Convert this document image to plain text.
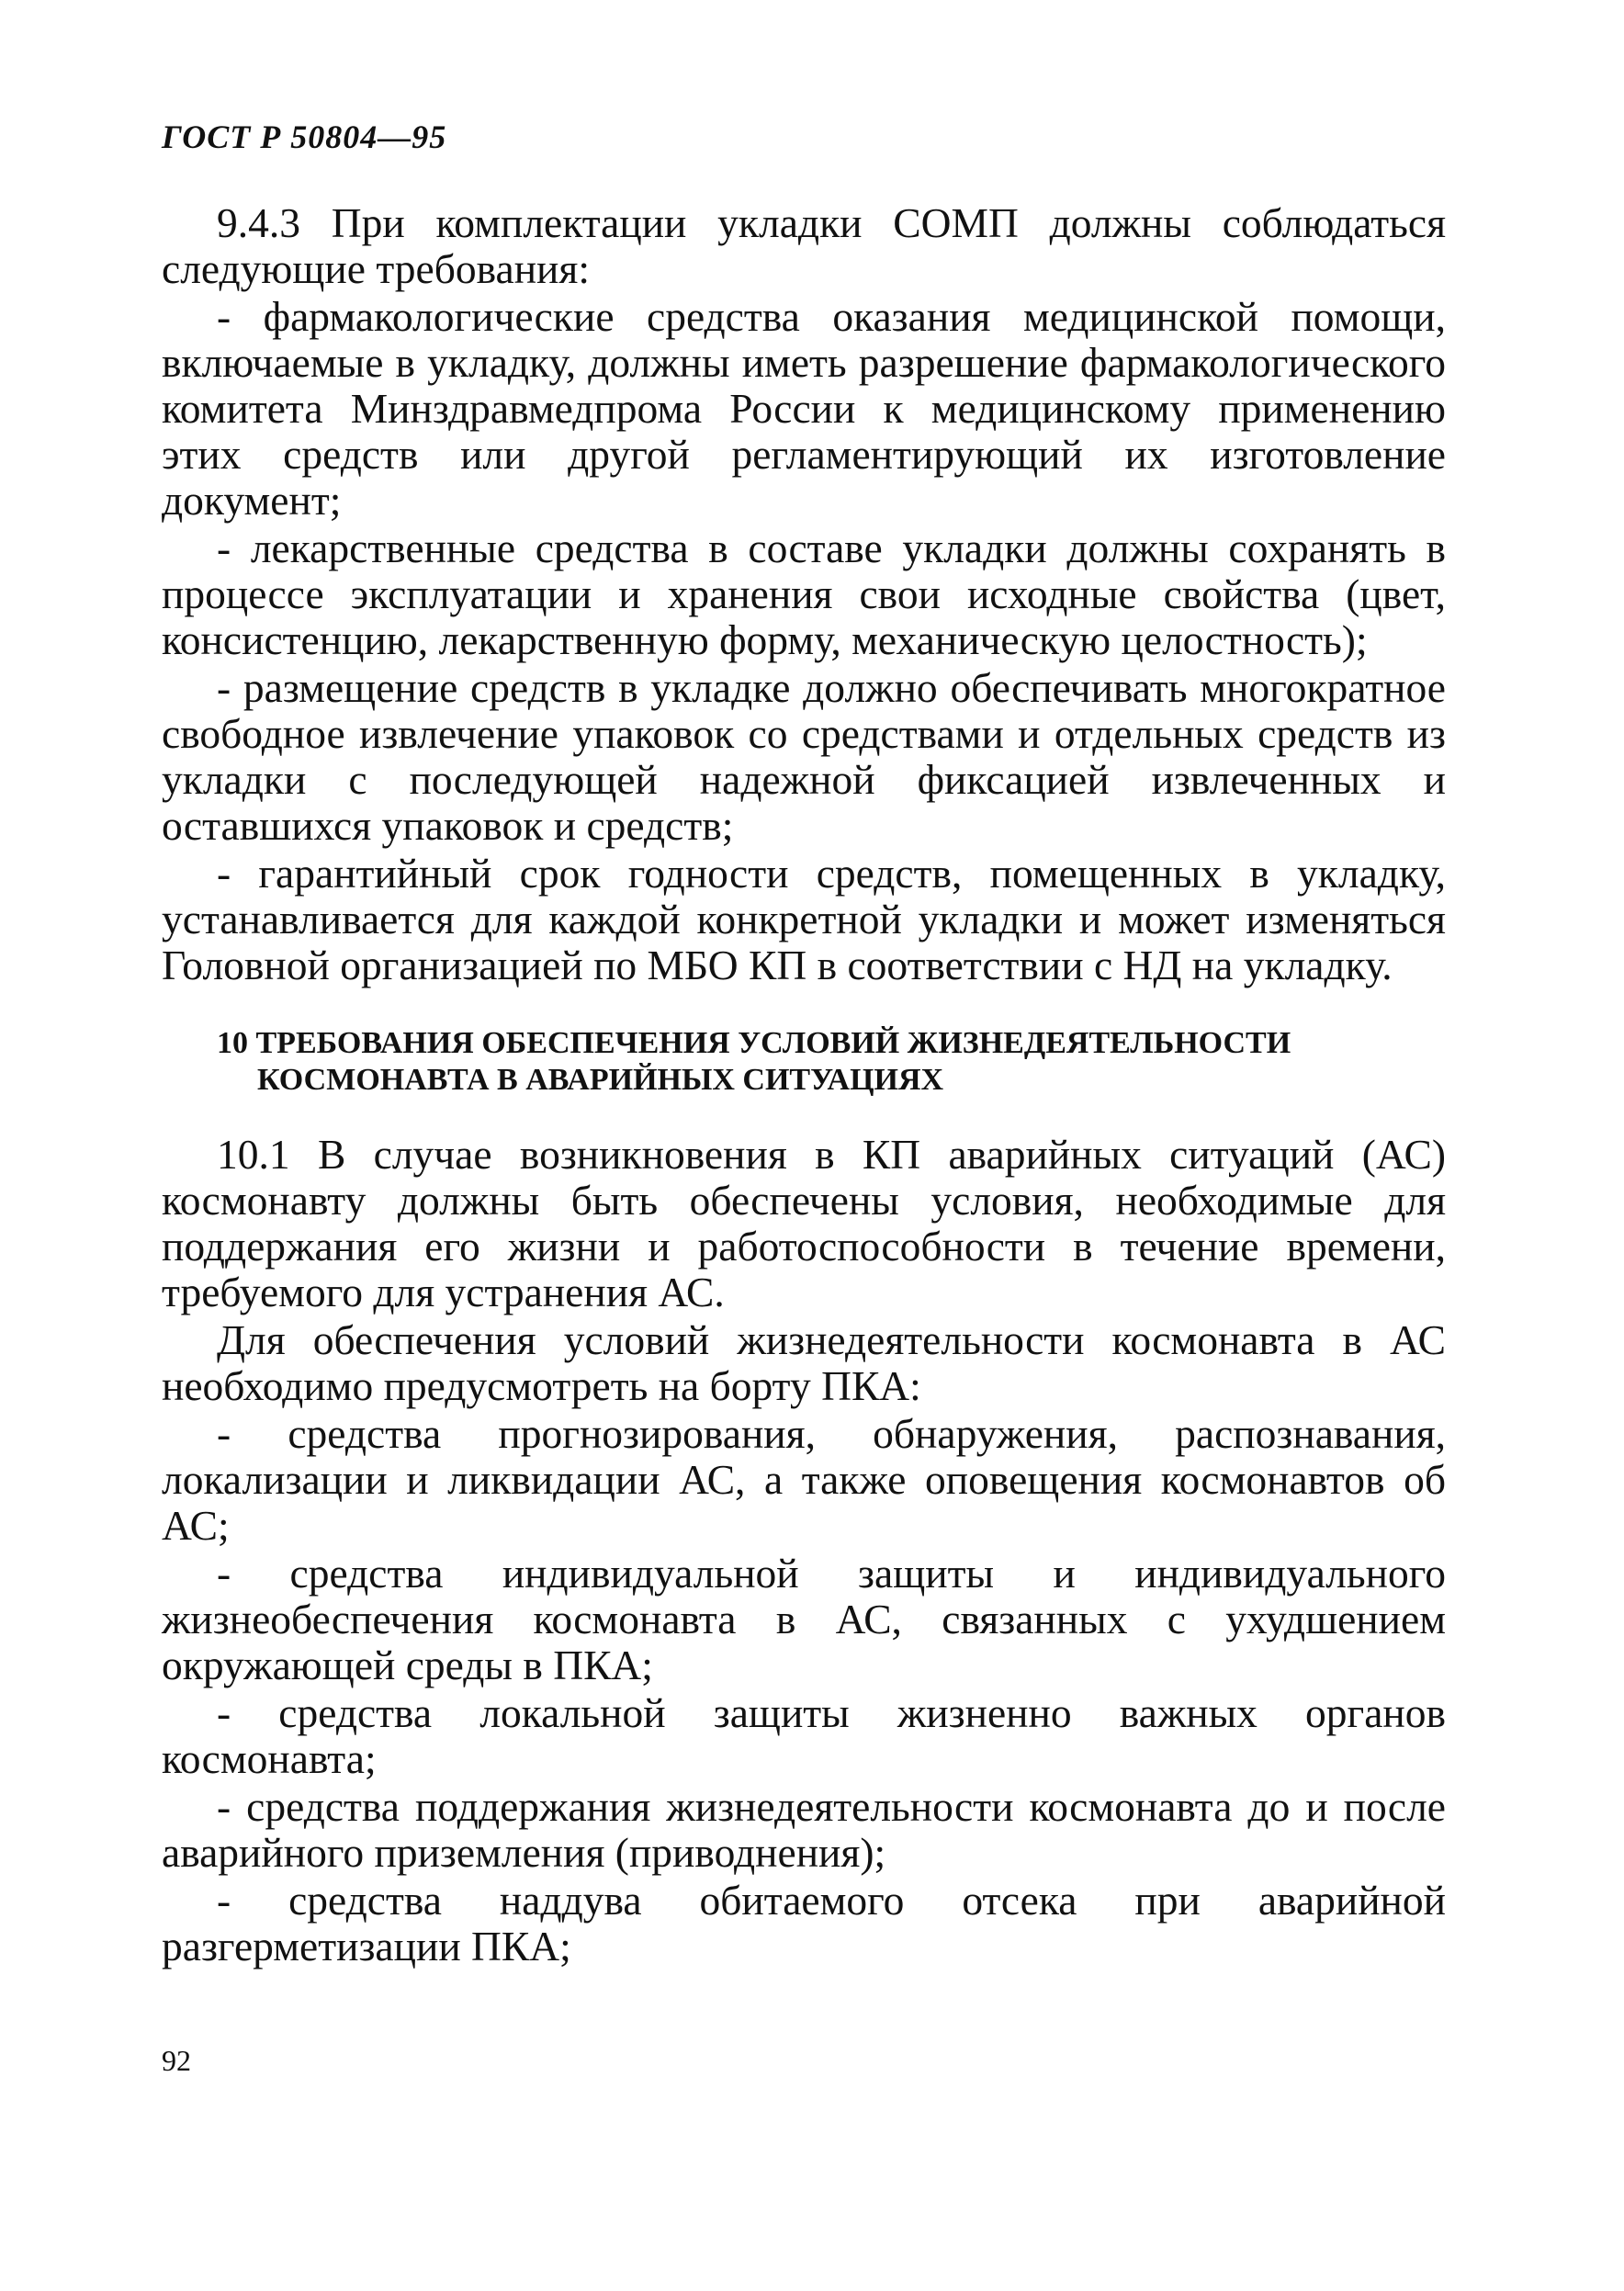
ГОСТ Р 50804—95

9.4.3 При комплектации укладки СОМП должны соблюдаться следующие требования:

- фармакологические средства оказания медицинской помощи, включаемые в укладку, должны иметь разрешение фармакологического комитета Минздравмедпрома России к медицинскому применению этих средств или другой регламентирующий их изготовление документ;

- лекарственные средства в составе укладки должны сохранять в процессе эксплуатации и хранения свои исходные свойства (цвет, консистенцию, лекарственную форму, механическую целостность);

- размещение средств в укладке должно обеспечивать многократное свободное извлечение упаковок со средствами и отдельных средств из укладки с последующей надежной фиксацией извлеченных и оставшихся упаковок и средств;

- гарантийный срок годности средств, помещенных в укладку, устанавливается для каждой конкретной укладки и может изменяться Головной организацией по МБО КП в соответствии с НД на укладку.

10 ТРЕБОВАНИЯ ОБЕСПЕЧЕНИЯ УСЛОВИЙ ЖИЗНЕДЕЯТЕЛЬНОСТИ
КОСМОНАВТА В АВАРИЙНЫХ СИТУАЦИЯХ

10.1 В случае возникновения в КП аварийных ситуаций (АС) космонавту должны быть обеспечены условия, необходимые для поддержания его жизни и работоспособности в течение времени, требуемого для устранения АС.

Для обеспечения условий жизнедеятельности космонавта в АС необходимо предусмотреть на борту ПКА:

- средства прогнозирования, обнаружения, распознавания, локализации и ликвидации АС, а также оповещения космонавтов об АС;

- средства индивидуальной защиты и индивидуального жизнеобеспечения космонавта в АС, связанных с ухудшением окружающей среды в ПКА;

- средства локальной защиты жизненно важных органов космонавта;

- средства поддержания жизнедеятельности космонавта до и после аварийного приземления (приводнения);

- средства наддува обитаемого отсека при аварийной разгерметизации ПКА;

92
